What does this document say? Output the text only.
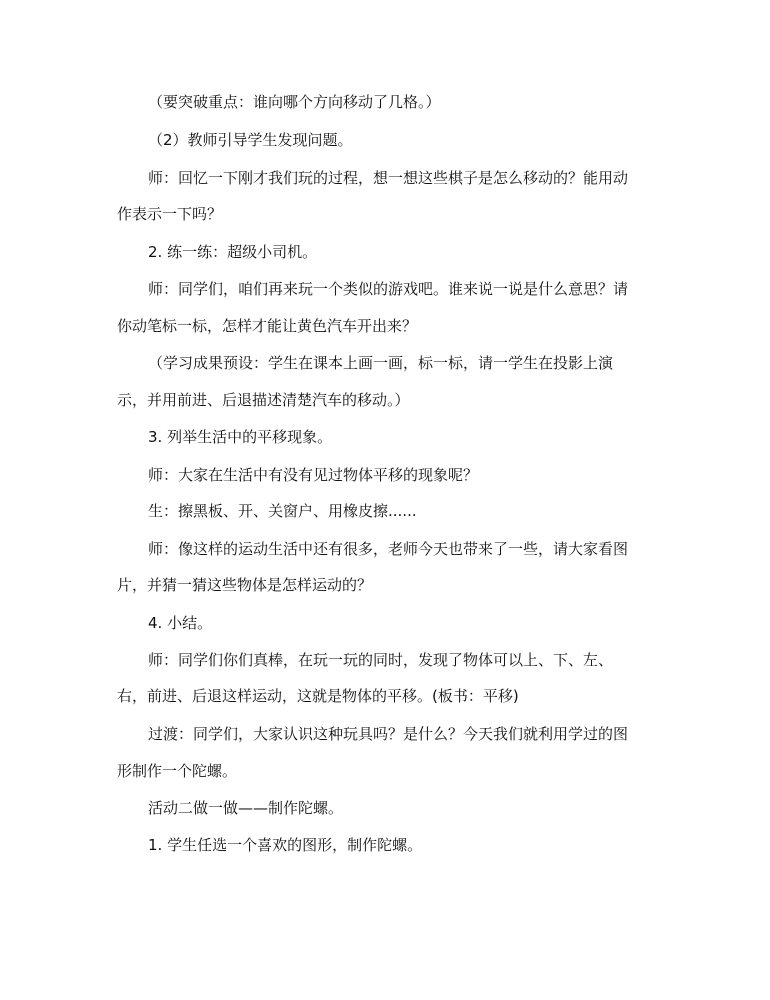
（要突破重点：谁向哪个方向移动了几格。）
（2）教师引导学生发现问题。
师：回忆一下刚才我们玩的过程，想一想这些棋子是怎么移动的？能用动
作表示一下吗？
2. 练一练：超级小司机。
师：同学们，咱们再来玩一个类似的游戏吧。谁来说一说是什么意思？请
你动笔标一标，怎样才能让黄色汽车开出来？
（学习成果预设：学生在课本上画一画，标一标，请一学生在投影上演
示，并用前进、后退描述清楚汽车的移动。）
3. 列举生活中的平移现象。
师：大家在生活中有没有见过物体平移的现象呢？
生：擦黑板、开、关窗户、用橡皮擦......
师：像这样的运动生活中还有很多，老师今天也带来了一些，请大家看图
片，并猜一猜这些物体是怎样运动的？
4. 小结。
师：同学们你们真棒，在玩一玩的同时，发现了物体可以上、下、左、
右，前进、后退这样运动，这就是物体的平移。(板书：平移)
过渡：同学们，大家认识这种玩具吗？是什么？今天我们就利用学过的图
形制作一个陀螺。
活动二做一做——制作陀螺。
1. 学生任选一个喜欢的图形，制作陀螺。
